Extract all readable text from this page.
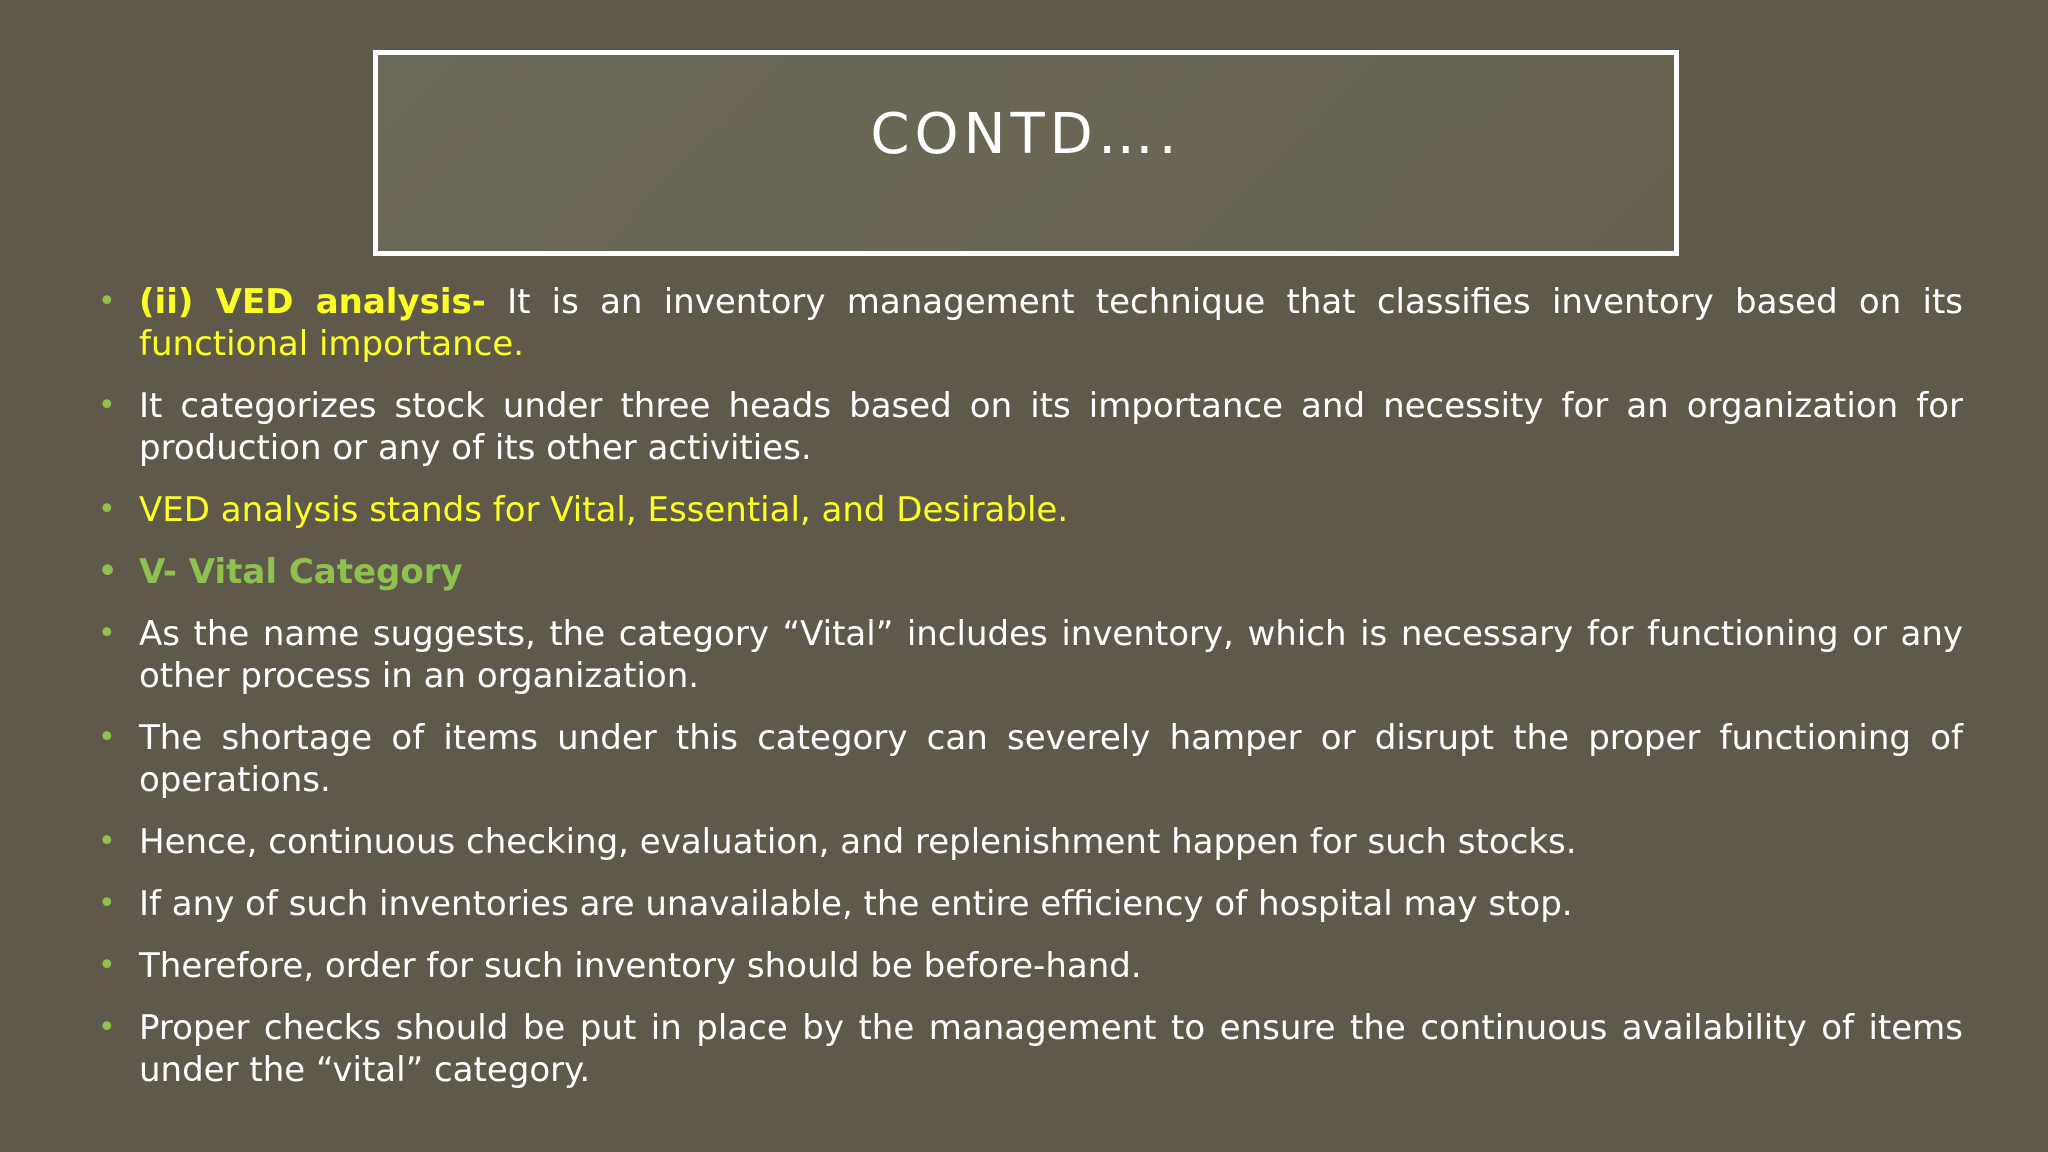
CONTD….
• (ii) VED analysis- It is an inventory management technique that classifies inventory based on its functional importance.
• It categorizes stock under three heads based on its importance and necessity for an organization for production or any of its other activities.
• VED analysis stands for Vital, Essential, and Desirable.
• V- Vital Category
• As the name suggests, the category “Vital” includes inventory, which is necessary for functioning or any other process in an organization.
• The shortage of items under this category can severely hamper or disrupt the proper functioning of operations.
• Hence, continuous checking, evaluation, and replenishment happen for such stocks.
• If any of such inventories are unavailable, the entire efficiency of hospital may stop.
• Therefore, order for such inventory should be before-hand.
• Proper checks should be put in place by the management to ensure the continuous availability of items under the “vital” category.
